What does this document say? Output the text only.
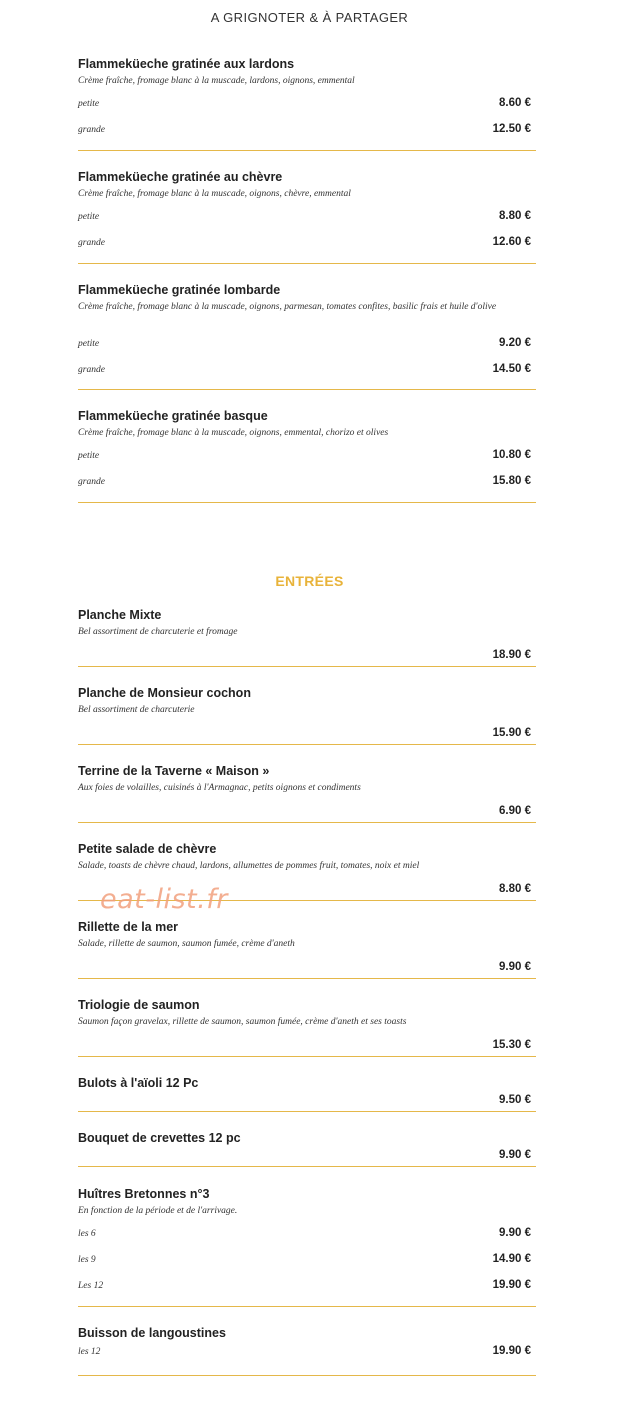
A GRIGNOTER & À PARTAGER
Flammeküeche gratinée aux lardons
Crème fraîche, fromage blanc à la muscade, lardons, oignons, emmental
petite	8.60 €
grande	12.50 €
Flammeküeche gratinée au chèvre
Crème fraîche, fromage blanc à la muscade, oignons, chèvre, emmental
petite	8.80 €
grande	12.60 €
Flammeküeche gratinée lombarde
Crème fraîche, fromage blanc à la muscade, oignons, parmesan, tomates confites, basilic frais et huile d'olive
petite	9.20 €
grande	14.50 €
Flammeküeche gratinée basque
Crème fraîche, fromage blanc à la muscade, oignons, emmental, chorizo et olives
petite	10.80 €
grande	15.80 €
ENTRÉES
Planche Mixte
Bel assortiment de charcuterie et fromage
18.90 €
Planche de Monsieur cochon
Bel assortiment de charcuterie
15.90 €
Terrine de la Taverne « Maison »
Aux foies de volailles, cuisinés à l'Armagnac, petits oignons et condiments
6.90 €
Petite salade de chèvre
Salade, toasts de chèvre chaud, lardons, allumettes de pommes fruit, tomates, noix et miel
8.80 €
Rillette de la mer
Salade, rillette de saumon, saumon fumée, crème d'aneth
9.90 €
Triologie de saumon
Saumon façon gravelax, rillette de saumon, saumon fumée, crème d'aneth et ses toasts
15.30 €
Bulots à l'aïoli 12 Pc
9.50 €
Bouquet de crevettes 12 pc
9.90 €
Huîtres Bretonnes n°3
En fonction de la période et de l'arrivage.
les 6	9.90 €
les 9	14.90 €
Les 12	19.90 €
Buisson de langoustines
les 12	19.90 €
eat-list.fr
